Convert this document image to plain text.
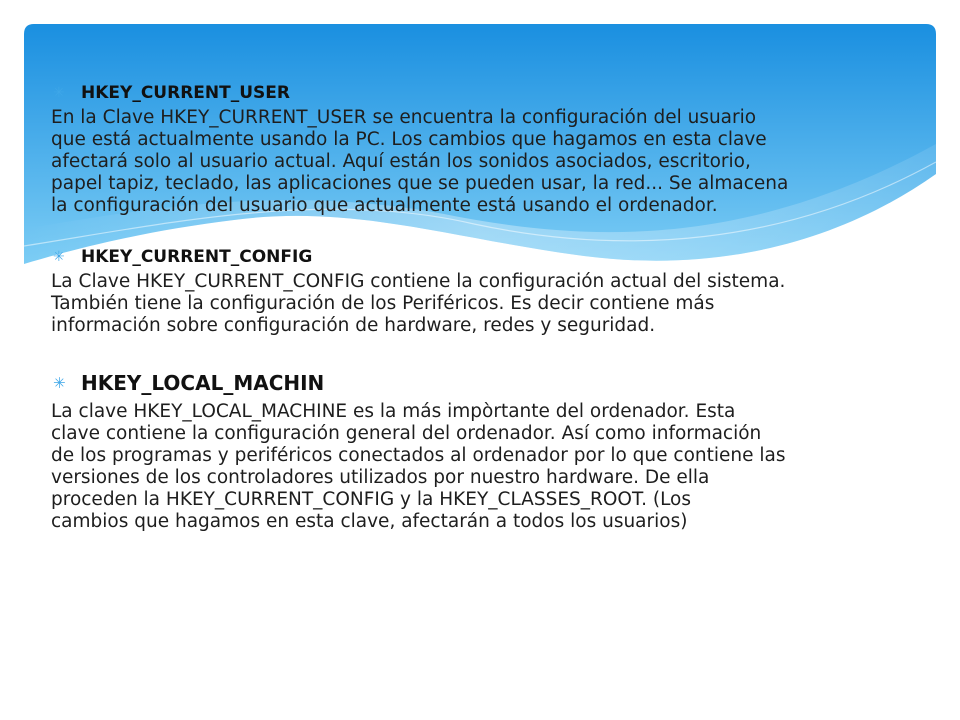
✳ HKEY_CURRENT_USER

En la Clave HKEY_CURRENT_USER se encuentra la configuración del usuario
que está actualmente usando la PC. Los cambios que hagamos en esta clave
afectará solo al usuario actual. Aquí están los sonidos asociados, escritorio,
papel tapiz, teclado, las aplicaciones que se pueden usar, la red... Se almacena
la configuración del usuario que actualmente está usando el ordenador.

✳ HKEY_CURRENT_CONFIG

La Clave HKEY_CURRENT_CONFIG contiene la configuración actual del sistema.
También tiene la configuración de los Periféricos. Es decir contiene más
información sobre configuración de hardware, redes y seguridad.

✳ HKEY_LOCAL_MACHIN

La clave HKEY_LOCAL_MACHINE es la más impòrtante del ordenador. Esta
clave contiene la configuración general del ordenador. Así como información
de los programas y periféricos conectados al ordenador por lo que contiene las
versiones de los controladores utilizados por nuestro hardware. De ella
proceden la HKEY_CURRENT_CONFIG y la HKEY_CLASSES_ROOT. (Los
cambios que hagamos en esta clave, afectarán a todos los usuarios)
